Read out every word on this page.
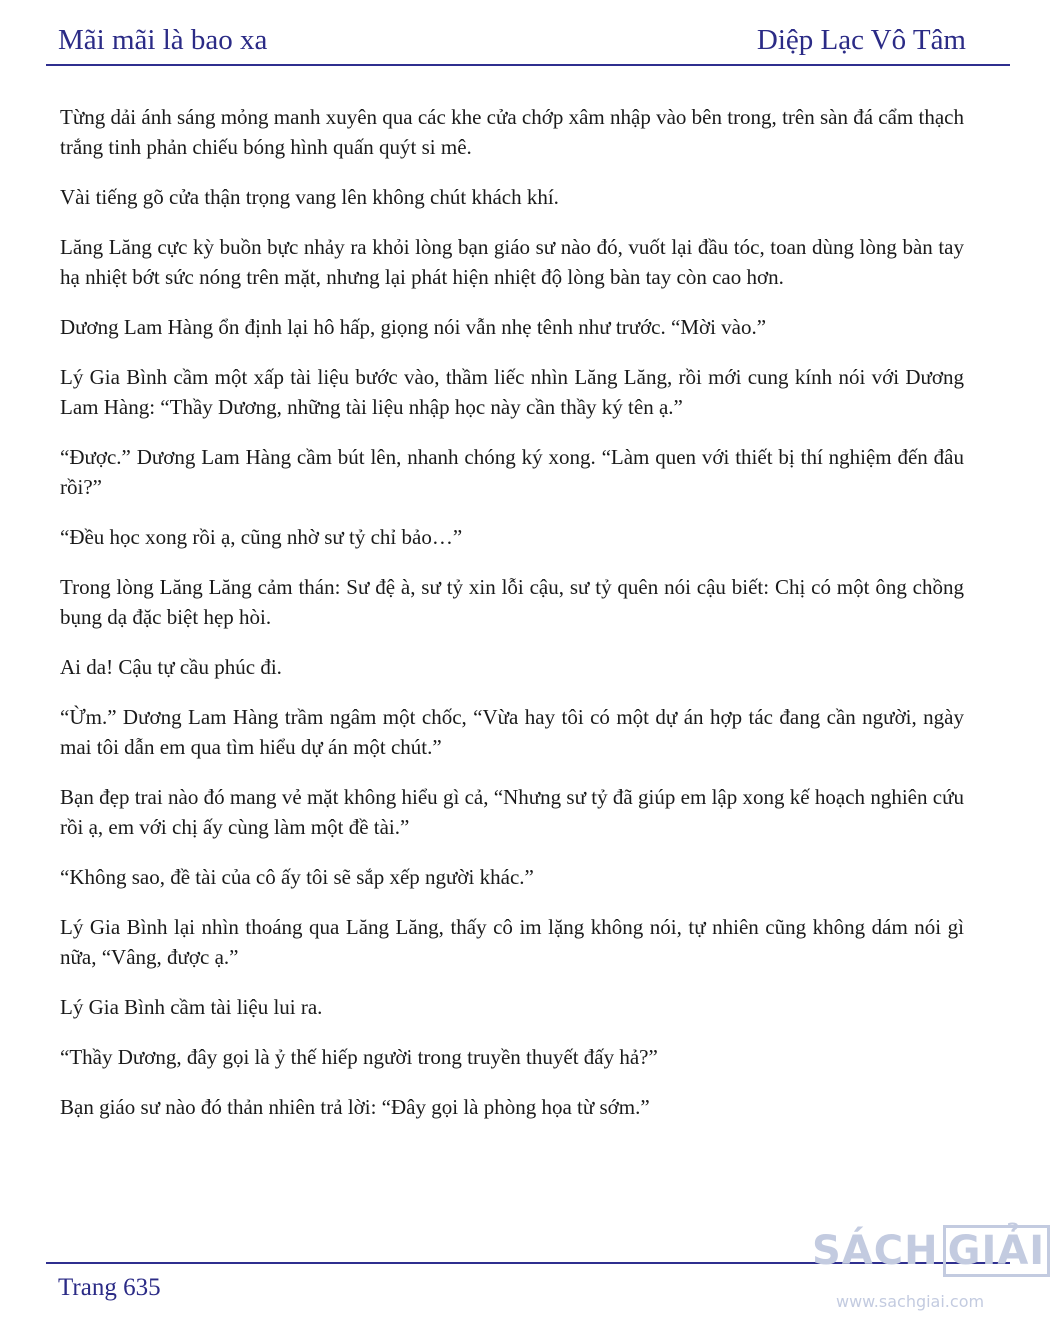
Mãi mãi là bao xa	Diệp Lạc Vô Tâm

Từng dải ánh sáng mỏng manh xuyên qua các khe cửa chớp xâm nhập vào bên trong, trên sàn đá cẩm thạch trắng tinh phản chiếu bóng hình quấn quýt si mê.

Vài tiếng gõ cửa thận trọng vang lên không chút khách khí.

Lăng Lăng cực kỳ buồn bực nhảy ra khỏi lòng bạn giáo sư nào đó, vuốt lại đầu tóc, toan dùng lòng bàn tay hạ nhiệt bớt sức nóng trên mặt, nhưng lại phát hiện nhiệt độ lòng bàn tay còn cao hơn.

Dương Lam Hàng ổn định lại hô hấp, giọng nói vẫn nhẹ tênh như trước. “Mời vào.”

Lý Gia Bình cầm một xấp tài liệu bước vào, thầm liếc nhìn Lăng Lăng, rồi mới cung kính nói với Dương Lam Hàng: “Thầy Dương, những tài liệu nhập học này cần thầy ký tên ạ.”

“Được.” Dương Lam Hàng cầm bút lên, nhanh chóng ký xong. “Làm quen với thiết bị thí nghiệm đến đâu rồi?”

“Đều học xong rồi ạ, cũng nhờ sư tỷ chỉ bảo…”

Trong lòng Lăng Lăng cảm thán: Sư đệ à, sư tỷ xin lỗi cậu, sư tỷ quên nói cậu biết: Chị có một ông chồng bụng dạ đặc biệt hẹp hòi.

Ai da! Cậu tự cầu phúc đi.

“Ừm.” Dương Lam Hàng trầm ngâm một chốc, “Vừa hay tôi có một dự án hợp tác đang cần người, ngày mai tôi dẫn em qua tìm hiểu dự án một chút.”

Bạn đẹp trai nào đó mang vẻ mặt không hiểu gì cả, “Nhưng sư tỷ đã giúp em lập xong kế hoạch nghiên cứu rồi ạ, em với chị ấy cùng làm một đề tài.”

“Không sao, đề tài của cô ấy tôi sẽ sắp xếp người khác.”

Lý Gia Bình lại nhìn thoáng qua Lăng Lăng, thấy cô im lặng không nói, tự nhiên cũng không dám nói gì nữa, “Vâng, được ạ.”

Lý Gia Bình cầm tài liệu lui ra.

“Thầy Dương, đây gọi là ỷ thế hiếp người trong truyền thuyết đấy hả?”

Bạn giáo sư nào đó thản nhiên trả lời: “Đây gọi là phòng họa từ sớm.”

Trang 635
SÁCH GIẢI
www.sachgiai.com
